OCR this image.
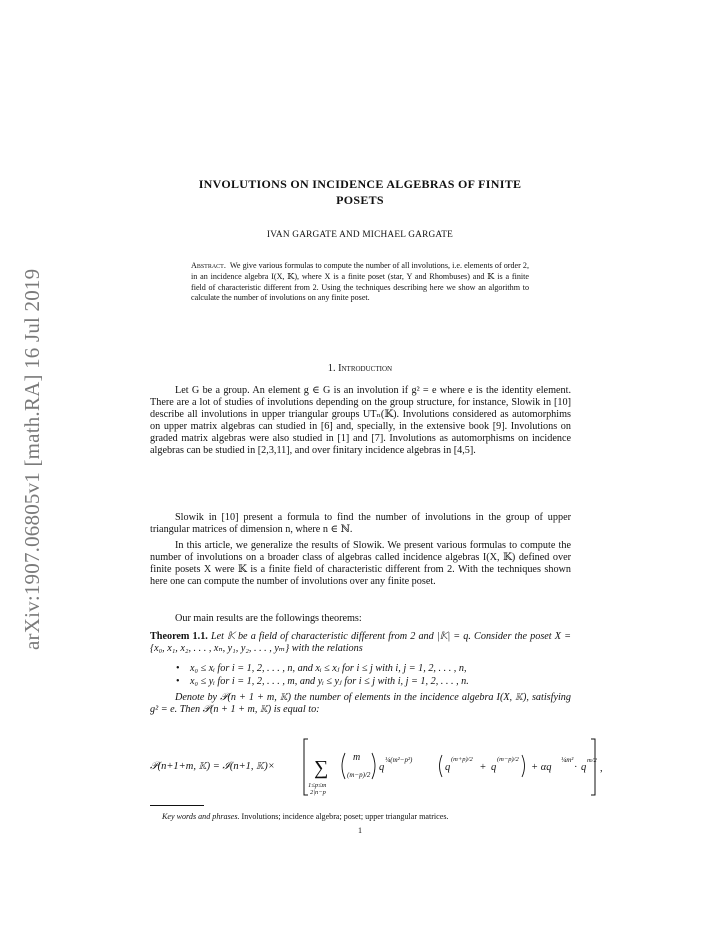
arXiv:1907.06805v1 [math.RA] 16 Jul 2019
INVOLUTIONS ON INCIDENCE ALGEBRAS OF FINITE
POSETS
IVAN GARGATE AND MICHAEL GARGATE
Abstract. We give various formulas to compute the number of all involutions, i.e. elements of order 2, in an incidence algebra I(X, 𝕂), where X is a finite poset (star, Y and Rhombuses) and 𝕂 is a finite field of characteristic different from 2. Using the techniques describing here we show an algorithm to calculate the number of involutions on any finite poset.
1. Introduction

Let G be a group. An element g ∈ G is an involution if g² = e where e is the identity element. There are a lot of studies of involutions depending on the group structure, for instance, Slowik in [10] describe all involutions in upper triangular groups UTₙ(𝕂). Involutions considered as automorphims on upper matrix algebras can studied in [6] and, specially, in the extensive book [9]. Involutions on graded matrix algebras were also studied in [1] and [7]. Involutions as automorphisms on incidence algebras can be studied in [2,3,11], and over finitary incidence algebras in [4,5].

Slowik in [10] present a formula to find the number of involutions in the group of upper triangular matrices of dimension n, where n ∈ ℕ.

In this article, we generalize the results of Slowik. We present various formulas to compute the number of involutions on a broader class of algebras called incidence algebras I(X, 𝕂) defined over finite posets X were 𝕂 is a finite field of characteristic different from 2. With the techniques shown here one can compute the number of involutions over any finite poset.

Our main results are the followings theorems:

Theorem 1.1. Let 𝕂 be a field of characteristic different from 2 and |𝕂| = q. Consider the poset X = {x₀, x₁, x₂, . . . , xₙ, y₁, y₂, . . . , yₘ} with the relations

• x₀ ≤ xᵢ for i = 1, 2, . . . , n, and xᵢ ≤ xⱼ for i ≤ j with i, j = 1, 2, . . . , n,
• x₀ ≤ yᵢ for i = 1, 2, . . . , m, and yᵢ ≤ yⱼ for i ≤ j with i, j = 1, 2, . . . , n.

Denote by 𝒫(n + 1 + m, 𝕂) the number of elements in the incidence algebra I(X, 𝕂), satisfying g² = e. Then 𝒫(n + 1 + m, 𝕂) is equal to:

𝒫(n+1+m, 𝕂) = ℐ(n+1, 𝕂)× ∑
1≤p≤m
2|n−p
m
(m−p)/2
q
¼(m²−p²)
q
(m+p)/2
+ q
(m−p)/2
+ αq
¼m²
· q
m/2
,
Key words and phrases. Involutions; incidence algebra; poset; upper triangular matrices.
1
